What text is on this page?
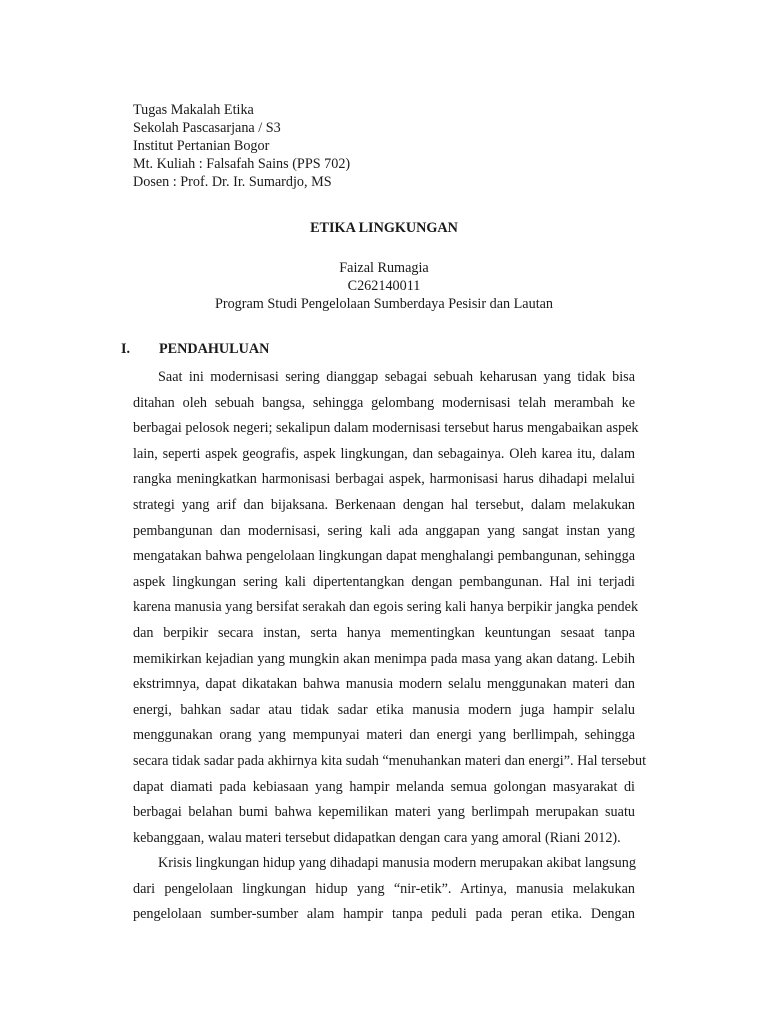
Tugas Makalah Etika
Sekolah Pascasarjana / S3
Institut Pertanian Bogor
Mt. Kuliah : Falsafah Sains (PPS 702)
Dosen : Prof. Dr. Ir. Sumardjo, MS
ETIKA LINGKUNGAN
Faizal Rumagia
C262140011
Program Studi Pengelolaan Sumberdaya Pesisir dan Lautan
I. PENDAHULUAN
Saat ini modernisasi sering dianggap sebagai sebuah keharusan yang tidak bisa
ditahan oleh sebuah bangsa, sehingga gelombang modernisasi telah merambah ke
berbagai pelosok negeri; sekalipun dalam modernisasi tersebut harus mengabaikan aspek
lain, seperti aspek geografis, aspek lingkungan, dan sebagainya. Oleh karea itu, dalam
rangka meningkatkan harmonisasi berbagai aspek, harmonisasi harus dihadapi melalui
strategi yang arif dan bijaksana. Berkenaan dengan hal tersebut, dalam melakukan
pembangunan dan modernisasi, sering kali ada anggapan yang sangat instan yang
mengatakan bahwa pengelolaan lingkungan dapat menghalangi pembangunan, sehingga
aspek lingkungan sering kali dipertentangkan dengan pembangunan. Hal ini terjadi
karena manusia yang bersifat serakah dan egois sering kali hanya berpikir jangka pendek
dan berpikir secara instan, serta hanya mementingkan keuntungan sesaat tanpa
memikirkan kejadian yang mungkin akan menimpa pada masa yang akan datang. Lebih
ekstrimnya, dapat dikatakan bahwa manusia modern selalu menggunakan materi dan
energi, bahkan sadar atau tidak sadar etika manusia modern juga hampir selalu
menggunakan orang yang mempunyai materi dan energi yang berllimpah, sehingga
secara tidak sadar pada akhirnya kita sudah “menuhankan materi dan energi”. Hal tersebut
dapat diamati pada kebiasaan yang hampir melanda semua golongan masyarakat di
berbagai belahan bumi bahwa kepemilikan materi yang berlimpah merupakan suatu
kebanggaan, walau materi tersebut didapatkan dengan cara yang amoral (Riani 2012).
Krisis lingkungan hidup yang dihadapi manusia modern merupakan akibat langsung
dari pengelolaan lingkungan hidup yang “nir-etik”. Artinya, manusia melakukan
pengelolaan sumber-sumber alam hampir tanpa peduli pada peran etika. Dengan
